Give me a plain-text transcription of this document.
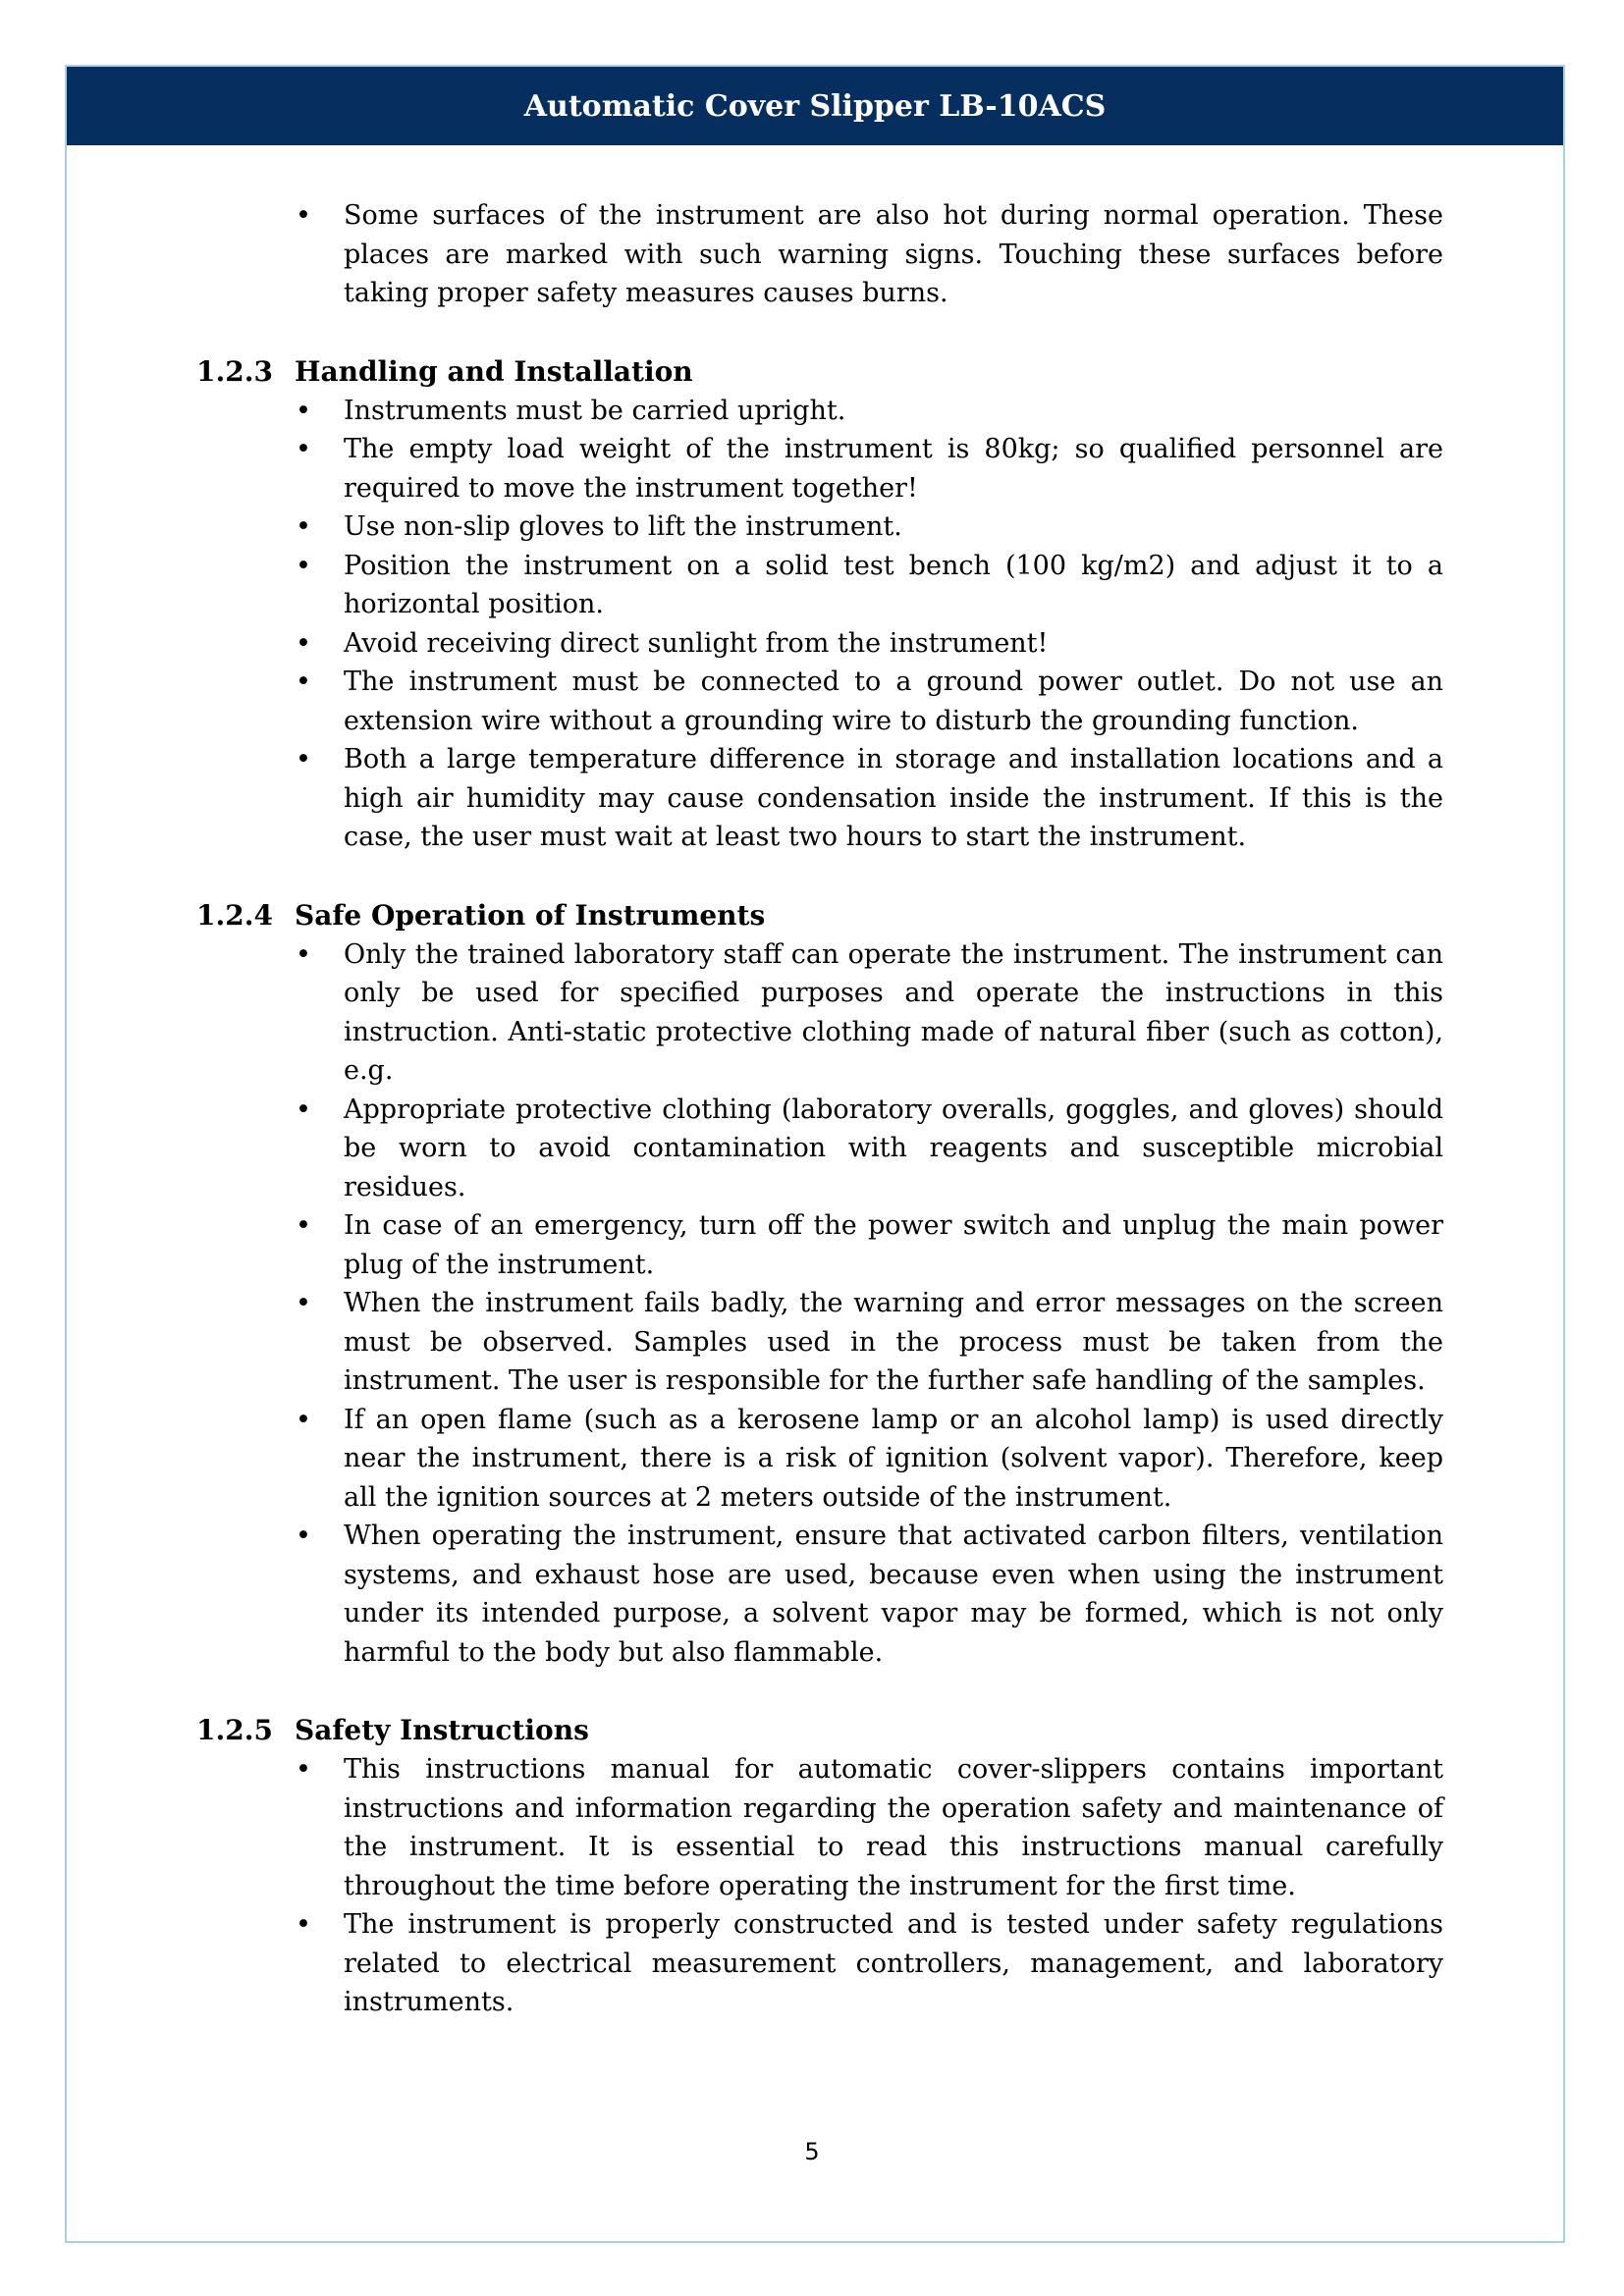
Automatic Cover Slipper LB-10ACS
• Some surfaces of the instrument are also hot during normal operation. These places are marked with such warning signs. Touching these surfaces before taking proper safety measures causes burns.
1.2.3 Handling and Installation
• Instruments must be carried upright.
• The empty load weight of the instrument is 80kg; so qualified personnel are required to move the instrument together!
• Use non-slip gloves to lift the instrument.
• Position the instrument on a solid test bench (100 kg/m2) and adjust it to a horizontal position.
• Avoid receiving direct sunlight from the instrument!
• The instrument must be connected to a ground power outlet. Do not use an extension wire without a grounding wire to disturb the grounding function.
• Both a large temperature difference in storage and installation locations and a high air humidity may cause condensation inside the instrument. If this is the case, the user must wait at least two hours to start the instrument.
1.2.4 Safe Operation of Instruments
• Only the trained laboratory staff can operate the instrument. The instrument can only be used for specified purposes and operate the instructions in this instruction. Anti-static protective clothing made of natural fiber (such as cotton), e.g.
• Appropriate protective clothing (laboratory overalls, goggles, and gloves) should be worn to avoid contamination with reagents and susceptible microbial residues.
• In case of an emergency, turn off the power switch and unplug the main power plug of the instrument.
• When the instrument fails badly, the warning and error messages on the screen must be observed. Samples used in the process must be taken from the instrument. The user is responsible for the further safe handling of the samples.
• If an open flame (such as a kerosene lamp or an alcohol lamp) is used directly near the instrument, there is a risk of ignition (solvent vapor). Therefore, keep all the ignition sources at 2 meters outside of the instrument.
• When operating the instrument, ensure that activated carbon filters, ventilation systems, and exhaust hose are used, because even when using the instrument under its intended purpose, a solvent vapor may be formed, which is not only harmful to the body but also flammable.
1.2.5 Safety Instructions
• This instructions manual for automatic cover-slippers contains important instructions and information regarding the operation safety and maintenance of the instrument. It is essential to read this instructions manual carefully throughout the time before operating the instrument for the first time.
• The instrument is properly constructed and is tested under safety regulations related to electrical measurement controllers, management, and laboratory instruments.
5
